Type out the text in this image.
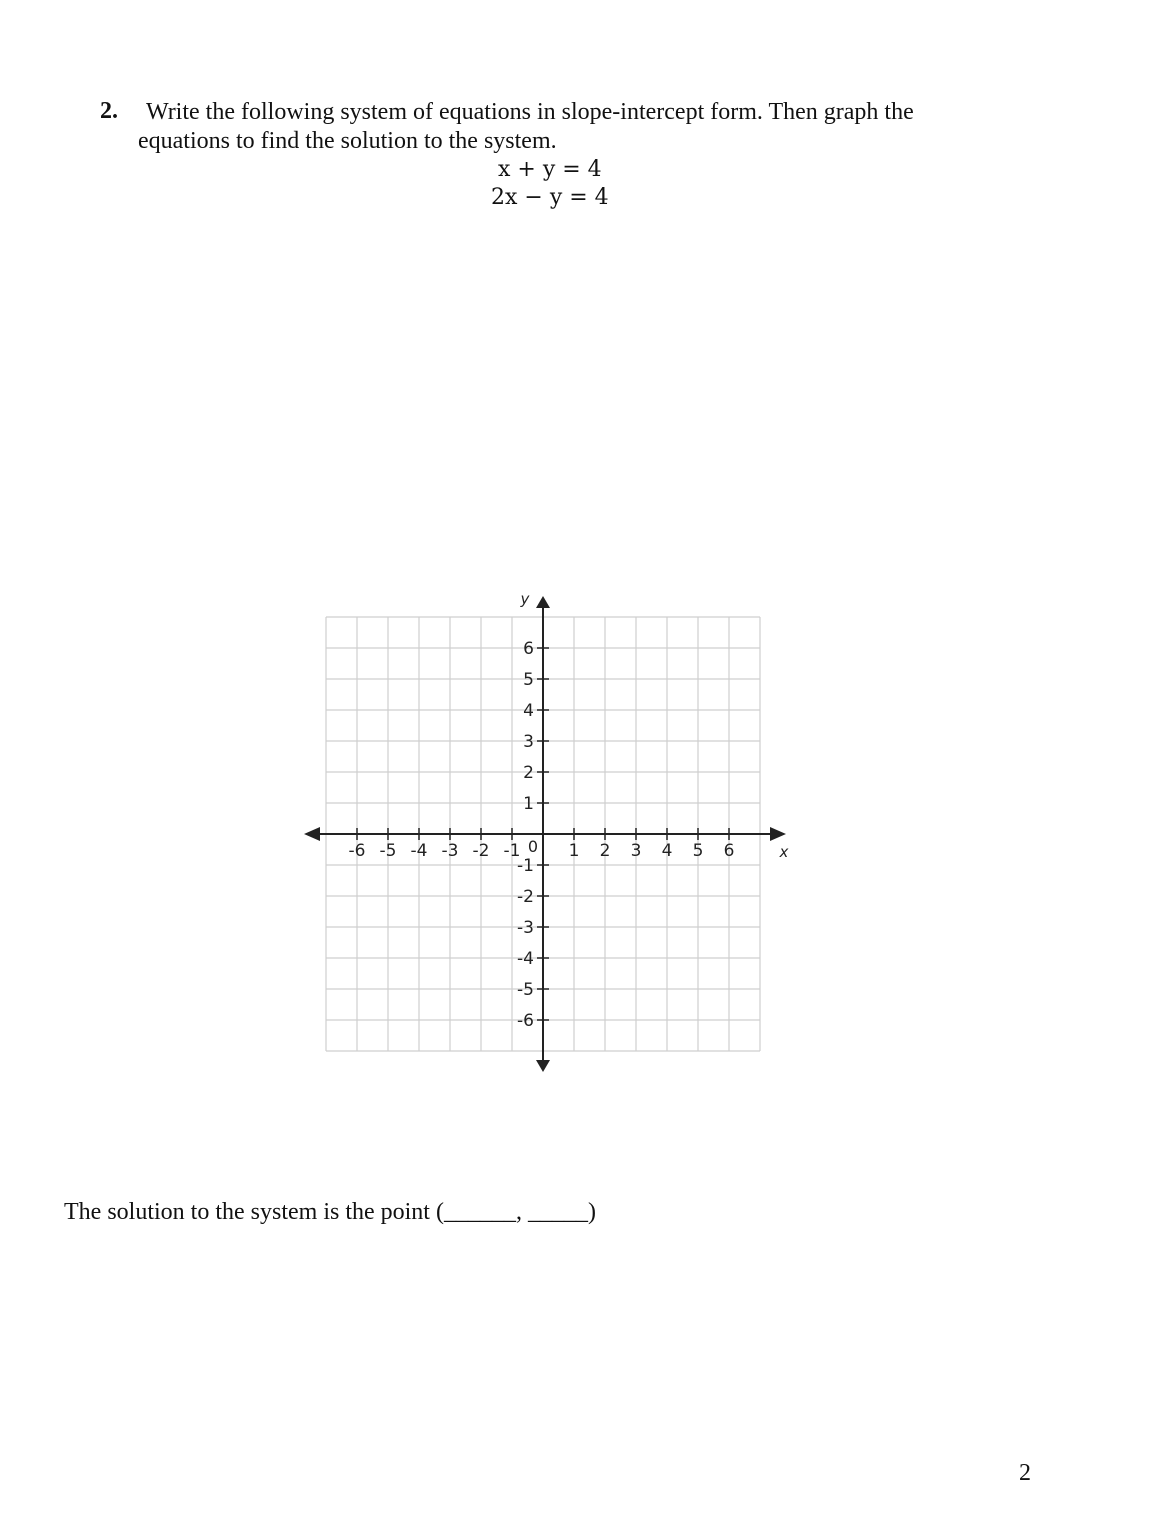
2. Write the following system of equations in slope-intercept form. Then graph the
equations to find the solution to the system.
x + y = 4
2x − y = 4
-6 -5 -4 -3 -2 -1	1 2 3 4 5 6
6
5
4
3
2
1
-1
-2
-3
-4
-5
-6
0	x
y
The solution to the system is the point (______, _____)
2
